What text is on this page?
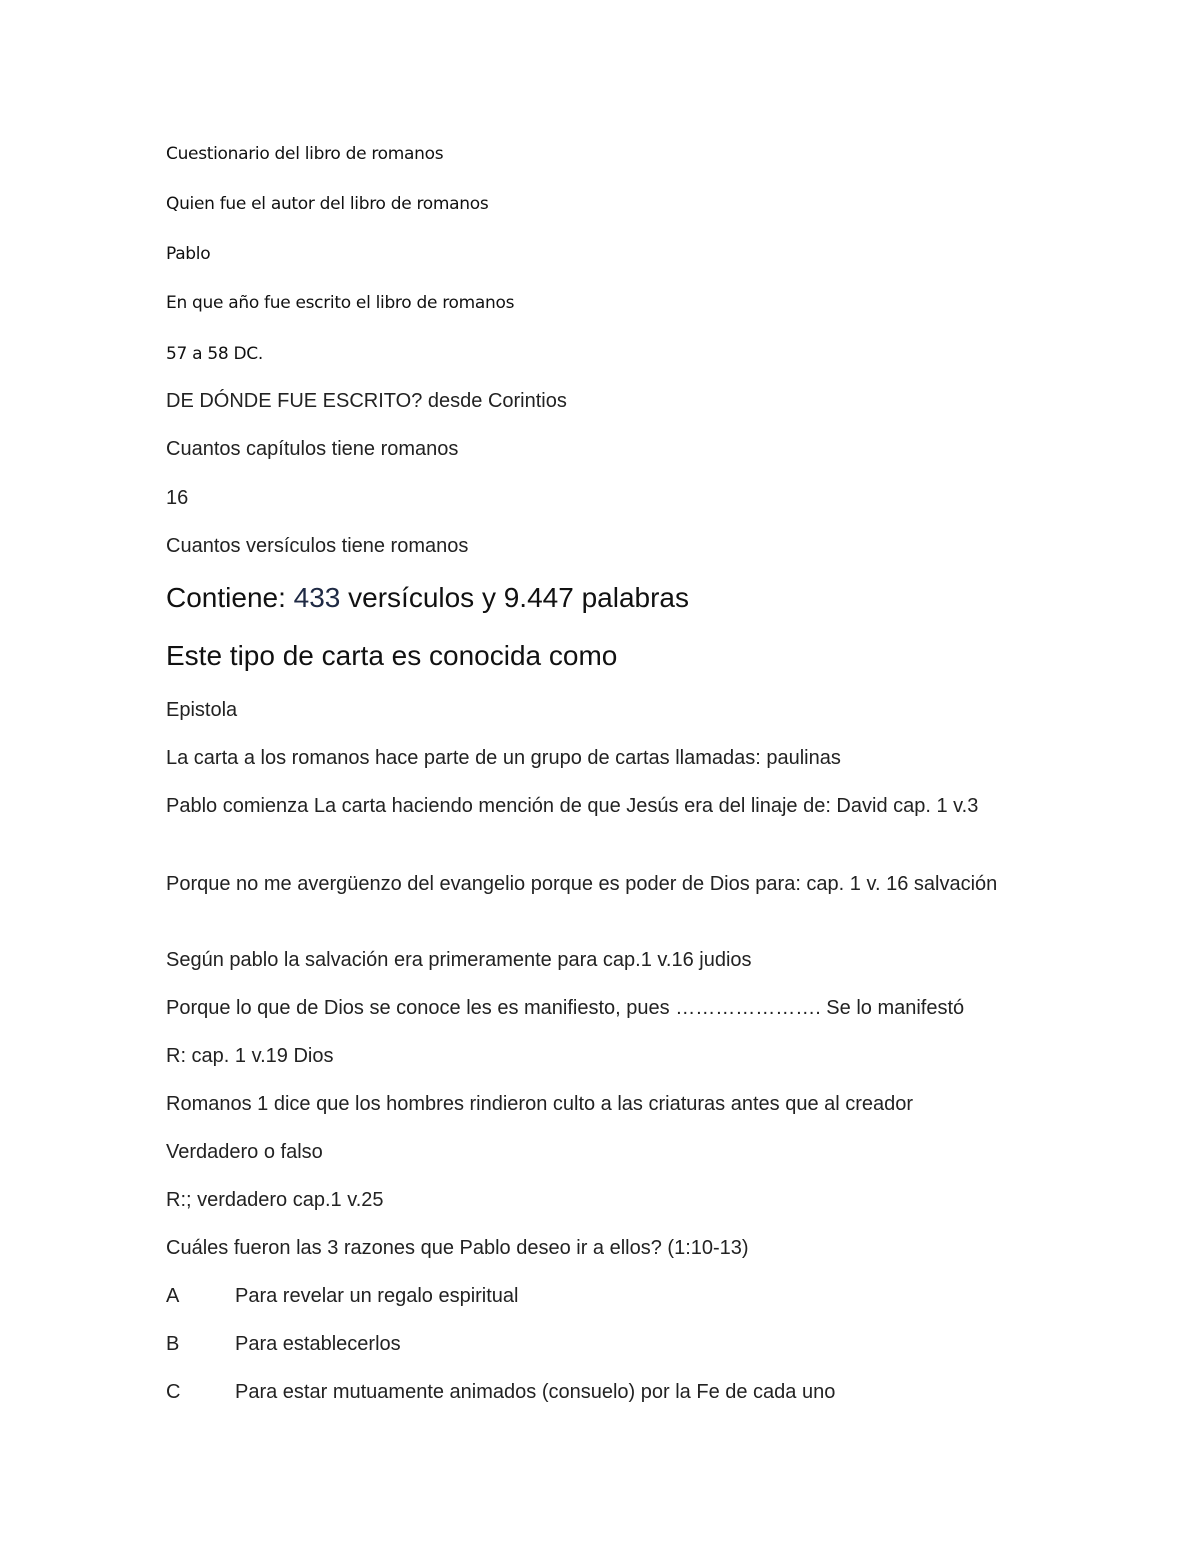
Cuestionario del libro de romanos

Quien fue el autor del libro de romanos

Pablo

En que año fue escrito el libro de romanos

57 a 58 DC.

DE DÓNDE FUE ESCRITO? desde Corintios

Cuantos capítulos tiene romanos

16

Cuantos versículos tiene romanos

Contiene: 433 versículos y 9.447 palabras

Este tipo de carta es conocida como

Epistola

La carta a los romanos hace parte de un grupo de cartas llamadas: paulinas

Pablo comienza La carta haciendo mención de que Jesús era del linaje de: David cap. 1 v.3

Porque no me avergüenzo del evangelio porque es poder de Dios para: cap. 1 v. 16 salvación

Según pablo la salvación era primeramente para cap.1 v.16 judios

Porque lo que de Dios se conoce les es manifiesto, pues …………………. Se lo manifestó

R: cap. 1 v.19 Dios

Romanos 1 dice que los hombres rindieron culto a las criaturas antes que al creador

Verdadero o falso

R:; verdadero cap.1 v.25

Cuáles fueron las 3 razones que Pablo deseo ir a ellos? (1:10-13)

A	Para revelar un regalo espiritual
B	Para establecerlos
C	Para estar mutuamente animados (consuelo) por la Fe de cada uno
